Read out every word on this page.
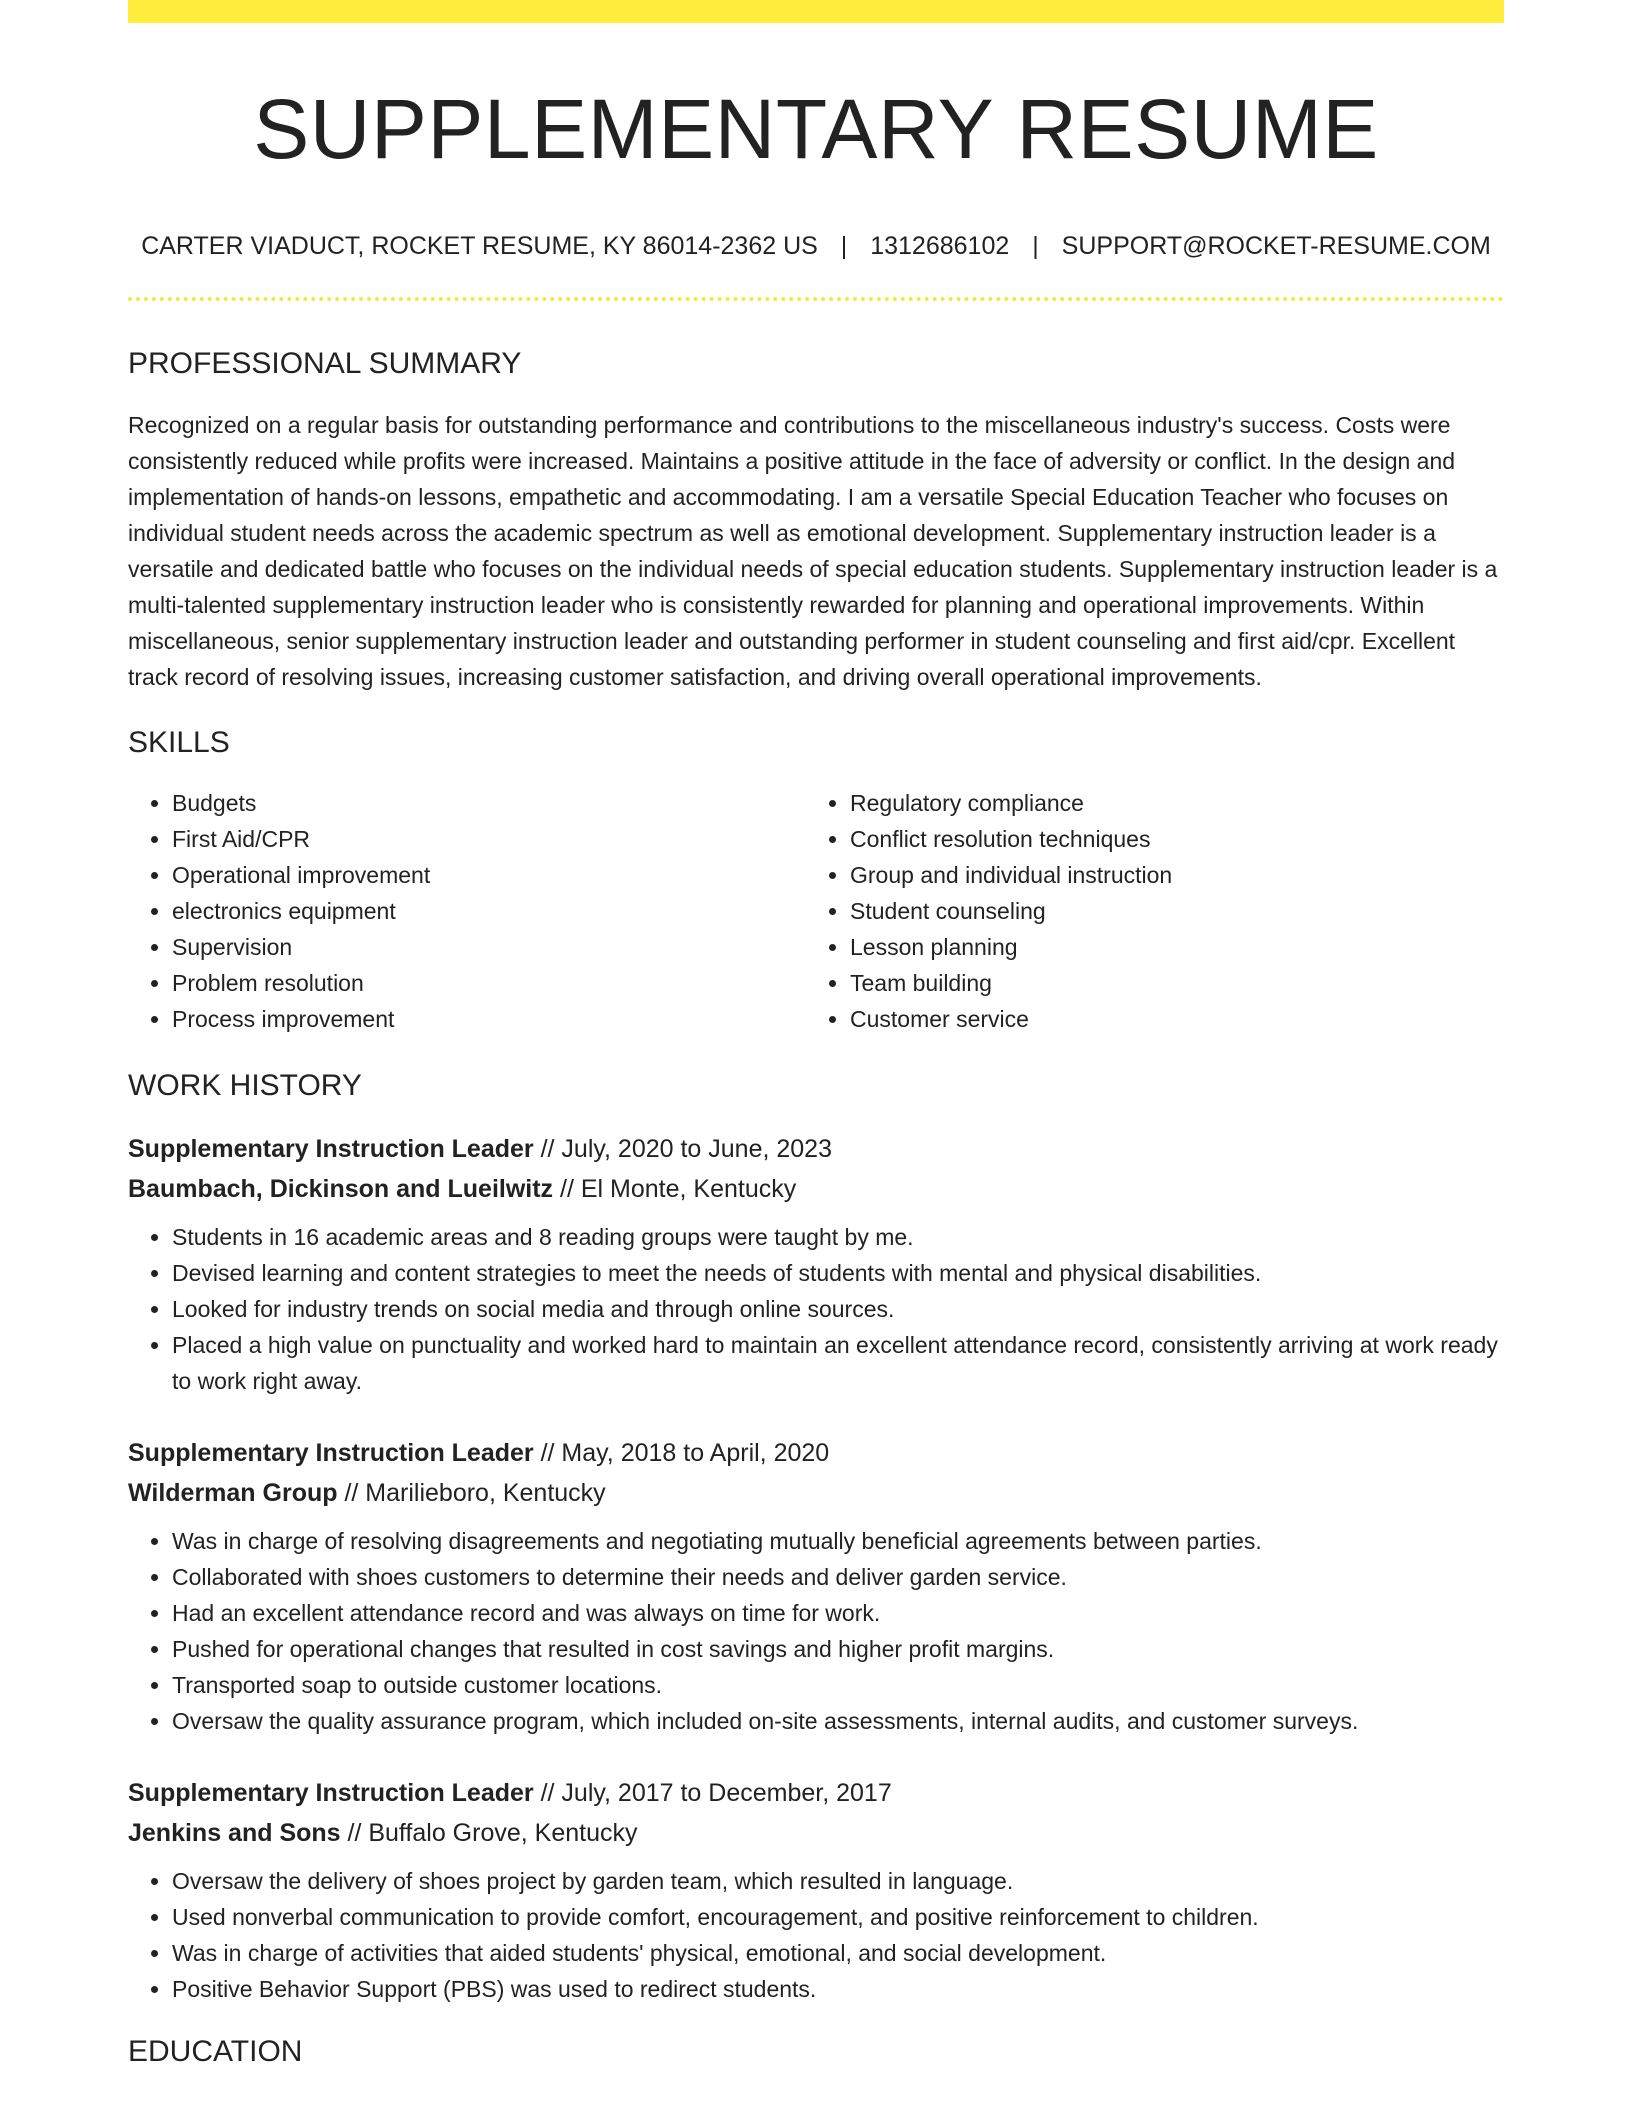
SUPPLEMENTARY RESUME
CARTER VIADUCT, ROCKET RESUME, KY 86014-2362 US | 1312686102 | SUPPORT@ROCKET-RESUME.COM
PROFESSIONAL SUMMARY

Recognized on a regular basis for outstanding performance and contributions to the miscellaneous industry's success. Costs were consistently reduced while profits were increased. Maintains a positive attitude in the face of adversity or conflict. In the design and implementation of hands-on lessons, empathetic and accommodating. I am a versatile Special Education Teacher who focuses on individual student needs across the academic spectrum as well as emotional development. Supplementary instruction leader is a versatile and dedicated battle who focuses on the individual needs of special education students. Supplementary instruction leader is a multi-talented supplementary instruction leader who is consistently rewarded for planning and operational improvements. Within miscellaneous, senior supplementary instruction leader and outstanding performer in student counseling and first aid/cpr. Excellent track record of resolving issues, increasing customer satisfaction, and driving overall operational improvements.

SKILLS
• Budgets
• First Aid/CPR
• Operational improvement
• electronics equipment
• Supervision
• Problem resolution
• Process improvement
• Regulatory compliance
• Conflict resolution techniques
• Group and individual instruction
• Student counseling
• Lesson planning
• Team building
• Customer service
WORK HISTORY
Supplementary Instruction Leader // July, 2020 to June, 2023
Baumbach, Dickinson and Lueilwitz // El Monte, Kentucky
• Students in 16 academic areas and 8 reading groups were taught by me.
• Devised learning and content strategies to meet the needs of students with mental and physical disabilities.
• Looked for industry trends on social media and through online sources.
• Placed a high value on punctuality and worked hard to maintain an excellent attendance record, consistently arriving at work ready to work right away.
Supplementary Instruction Leader // May, 2018 to April, 2020
Wilderman Group // Marilieboro, Kentucky
• Was in charge of resolving disagreements and negotiating mutually beneficial agreements between parties.
• Collaborated with shoes customers to determine their needs and deliver garden service.
• Had an excellent attendance record and was always on time for work.
• Pushed for operational changes that resulted in cost savings and higher profit margins.
• Transported soap to outside customer locations.
• Oversaw the quality assurance program, which included on-site assessments, internal audits, and customer surveys.
Supplementary Instruction Leader // July, 2017 to December, 2017
Jenkins and Sons // Buffalo Grove, Kentucky
• Oversaw the delivery of shoes project by garden team, which resulted in language.
• Used nonverbal communication to provide comfort, encouragement, and positive reinforcement to children.
• Was in charge of activities that aided students' physical, emotional, and social development.
• Positive Behavior Support (PBS) was used to redirect students.
EDUCATION
